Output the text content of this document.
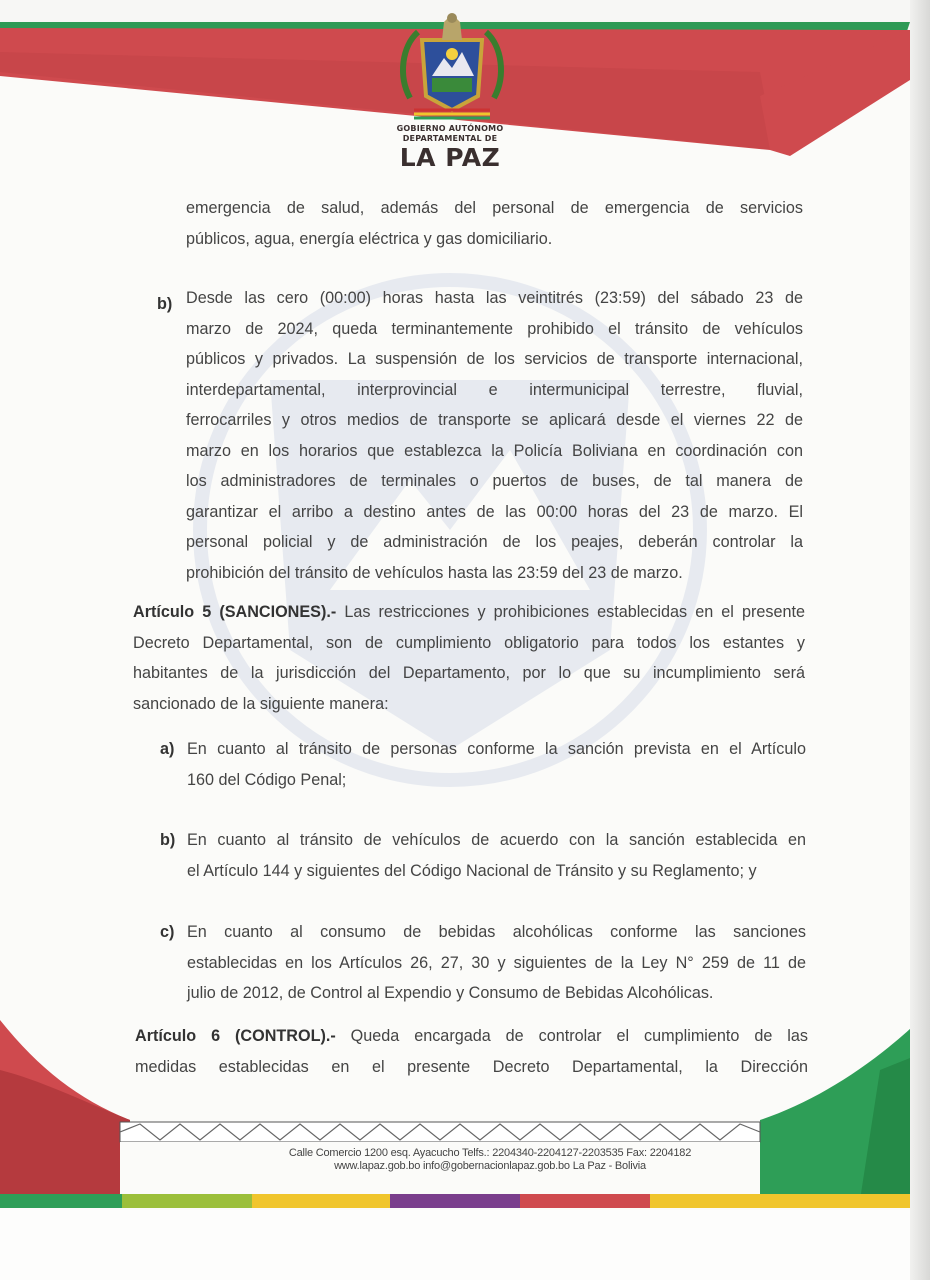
GOBIERNO AUTÓNOMO
DEPARTAMENTAL DE
LA PAZ
emergencia de salud, además del personal de emergencia de servicios
públicos, agua, energía eléctrica y gas domiciliario.
b) Desde las cero (00:00) horas hasta las veintitrés (23:59) del sábado 23 de
marzo de 2024, queda terminantemente prohibido el tránsito de vehículos
públicos y privados. La suspensión de los servicios de transporte internacional,
interdepartamental, interprovincial e intermunicipal terrestre, fluvial,
ferrocarriles y otros medios de transporte se aplicará desde el viernes 22 de
marzo en los horarios que establezca la Policía Boliviana en coordinación con
los administradores de terminales o puertos de buses, de tal manera de
garantizar el arribo a destino antes de las 00:00 horas del 23 de marzo. El
personal policial y de administración de los peajes, deberán controlar la
prohibición del tránsito de vehículos hasta las 23:59 del 23 de marzo.
Artículo 5 (SANCIONES).- Las restricciones y prohibiciones establecidas en el presente
Decreto Departamental, son de cumplimiento obligatorio para todos los estantes y
habitantes de la jurisdicción del Departamento, por lo que su incumplimiento será
sancionado de la siguiente manera:
a) En cuanto al tránsito de personas conforme la sanción prevista en el Artículo
160 del Código Penal;
b) En cuanto al tránsito de vehículos de acuerdo con la sanción establecida en
el Artículo 144 y siguientes del Código Nacional de Tránsito y su Reglamento; y
c) En cuanto al consumo de bebidas alcohólicas conforme las sanciones
establecidas en los Artículos 26, 27, 30 y siguientes de la Ley N° 259 de 11 de
julio de 2012, de Control al Expendio y Consumo de Bebidas Alcohólicas.
Artículo 6 (CONTROL).- Queda encargada de controlar el cumplimiento de las
medidas establecidas en el presente Decreto Departamental, la Dirección
Calle Comercio 1200 esq. Ayacucho Telfs.: 2204340-2204127-2203535 Fax: 2204182
www.lapaz.gob.bo info@gobernacionlapaz.gob.bo La Paz - Bolivia
